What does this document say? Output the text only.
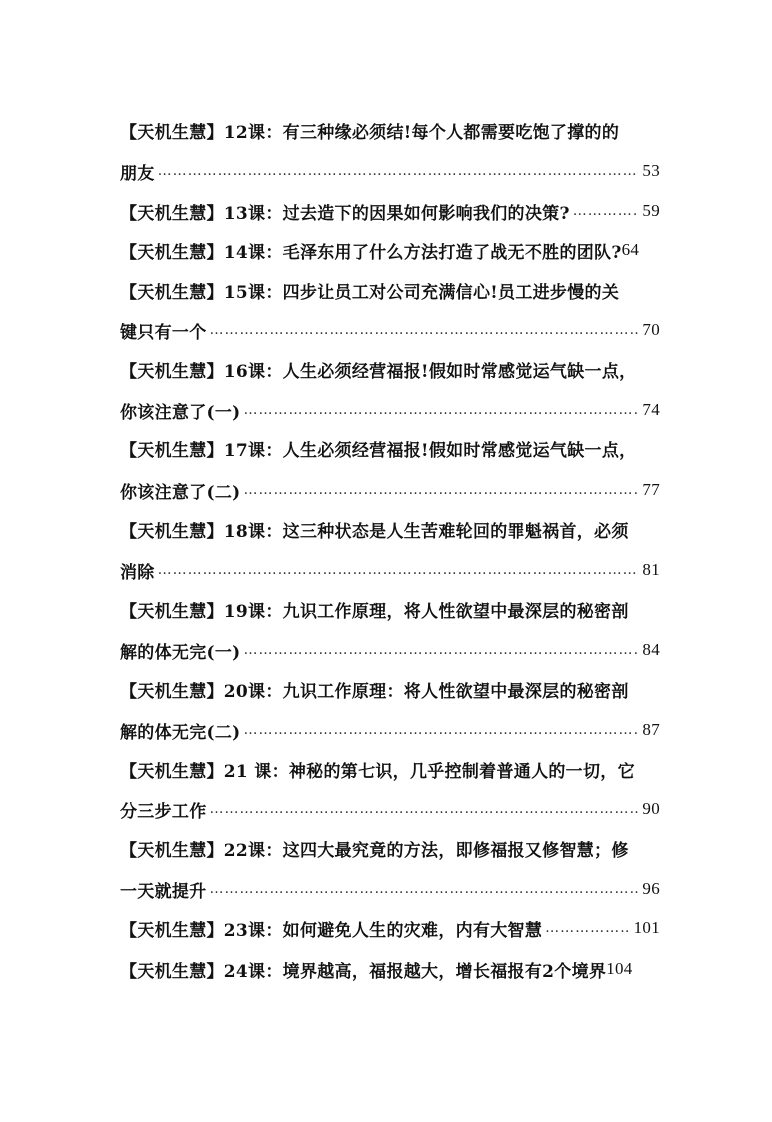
【天机生慧】12课：有三种缘必须结!每个人都需要吃饱了撑的的
朋友 ………………………………………………………………………………………………………………………………………………………………………………	53
【天机生慧】13课：过去造下的因果如何影响我们的决策? ………………………………………………………………………………………………………………………………………………………………………………	59
【天机生慧】14课：毛泽东用了什么方法打造了战无不胜的团队? 64
【天机生慧】15课：四步让员工对公司充满信心!员工进步慢的关
键只有一个 ………………………………………………………………………………………………………………………………………………………………………………	70
【天机生慧】16课：人生必须经营福报!假如时常感觉运气缺一点，
你该注意了(一) ………………………………………………………………………………………………………………………………………………………………………………	74
【天机生慧】17课：人生必须经营福报!假如时常感觉运气缺一点，
你该注意了(二) ………………………………………………………………………………………………………………………………………………………………………………	77
【天机生慧】18课：这三种状态是人生苦难轮回的罪魁祸首，必须
消除 ………………………………………………………………………………………………………………………………………………………………………………	81
【天机生慧】19课：九识工作原理，将人性欲望中最深层的秘密剖
解的体无完(一) ………………………………………………………………………………………………………………………………………………………………………………	84
【天机生慧】20课：九识工作原理：将人性欲望中最深层的秘密剖
解的体无完(二) ………………………………………………………………………………………………………………………………………………………………………………	87
【天机生慧】21 课：神秘的第七识，几乎控制着普通人的一切，它
分三步工作 ………………………………………………………………………………………………………………………………………………………………………………	90
【天机生慧】22课：这四大最究竟的方法，即修福报又修智慧；修
一天就提升 ………………………………………………………………………………………………………………………………………………………………………………	96
【天机生慧】23课：如何避免人生的灾难，内有大智慧 ………………………………………………………………………………………………………………………………………………………………………………	101
【天机生慧】24课：境界越高，福报越大，增长福报有2个境界 104
